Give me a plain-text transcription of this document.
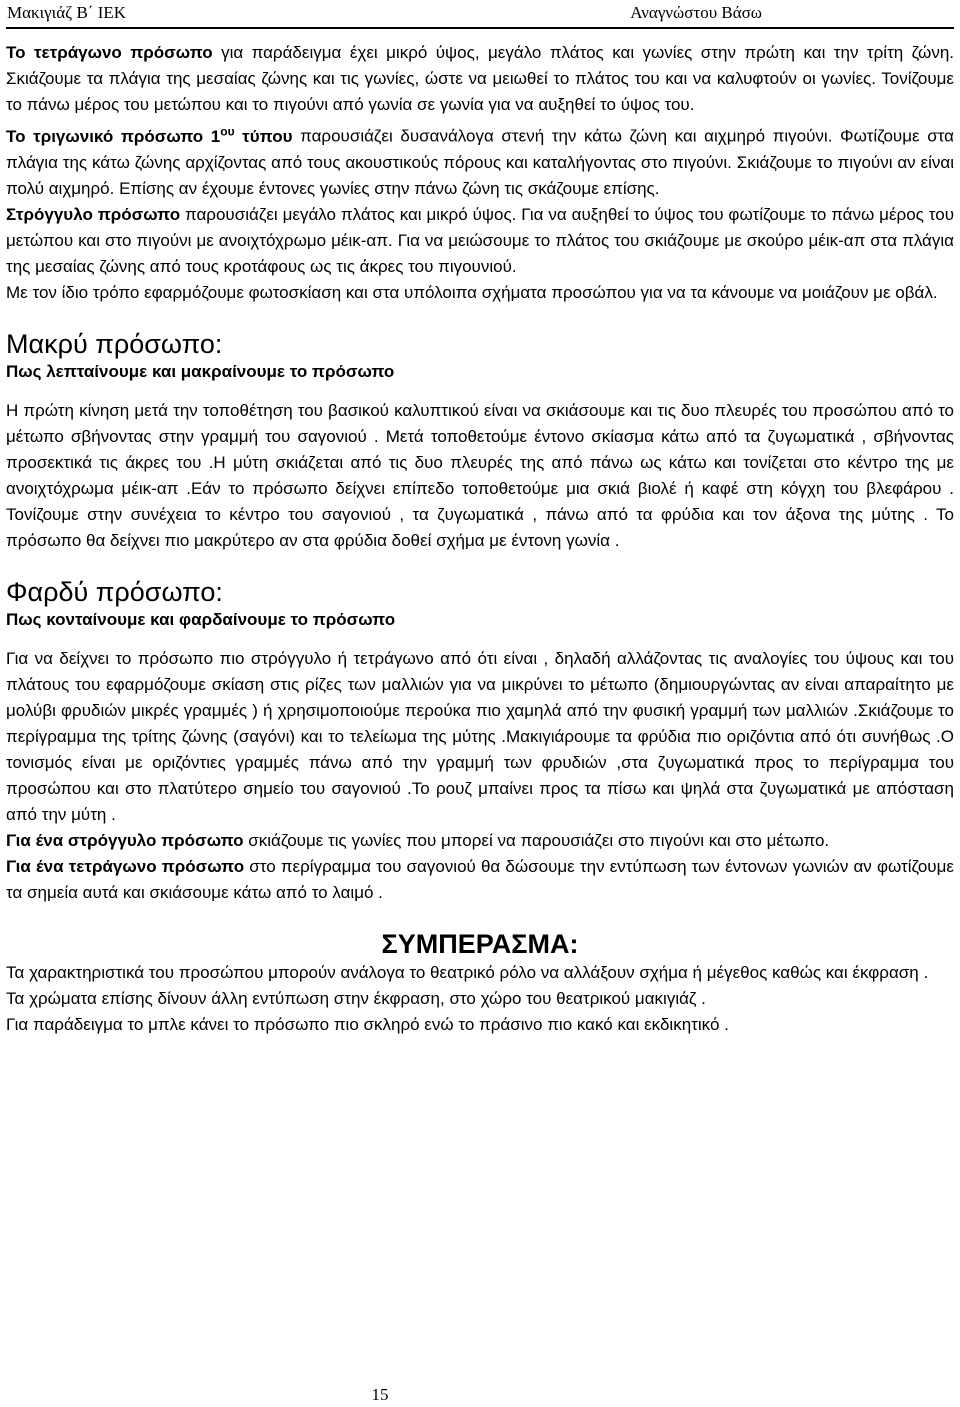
Μακιγιάζ Β΄ ΙΕΚ	Αναγνώστου Βάσω

Το τετράγωνο πρόσωπο για παράδειγμα έχει μικρό ύψος, μεγάλο πλάτος και γωνίες στην πρώτη και την τρίτη ζώνη. Σκιάζουμε τα πλάγια της μεσαίας ζώνης και τις γωνίες, ώστε να μειωθεί το πλάτος του και να καλυφτούν οι γωνίες. Τονίζουμε το πάνω μέρος του μετώπου και το πιγούνι από γωνία σε γωνία για να αυξηθεί το ύψος του.

Το τριγωνικό πρόσωπο $1^{o\upsilon}$ τύπου παρουσιάζει δυσανάλογα στενή την κάτω ζώνη και αιχμηρό πιγούνι. Φωτίζουμε στα πλάγια της κάτω ζώνης αρχίζοντας από τους ακουστικούς πόρους και καταλήγοντας στο πιγούνι. Σκιάζουμε το πιγούνι αν είναι πολύ αιχμηρό. Επίσης αν έχουμε έντονες γωνίες στην πάνω ζώνη τις σκάζουμε επίσης.

Στρόγγυλο πρόσωπο παρουσιάζει μεγάλο πλάτος και μικρό ύψος. Για να αυξηθεί το ύψος του φωτίζουμε το πάνω μέρος του μετώπου και στο πιγούνι με ανοιχτόχρωμο μέικ-απ. Για να μειώσουμε το πλάτος του σκιάζουμε με σκούρο μέικ-απ στα πλάγια της μεσαίας ζώνης από τους κροτάφους ως τις άκρες του πιγουνιού.

Με τον ίδιο τρόπο εφαρμόζουμε φωτοσκίαση και στα υπόλοιπα σχήματα προσώπου για να τα κάνουμε να μοιάζουν με οβάλ.

Μακρύ πρόσωπο:

Πως λεπταίνουμε και μακραίνουμε το πρόσωπο

Η πρώτη κίνηση μετά την τοποθέτηση του βασικού καλυπτικού είναι να σκιάσουμε και τις δυο πλευρές του προσώπου από το μέτωπο σβήνοντας στην γραμμή του σαγονιού . Μετά τοποθετούμε έντονο σκίασμα κάτω από τα ζυγωματικά , σβήνοντας προσεκτικά τις άκρες του .Η μύτη σκιάζεται από τις δυο πλευρές της από πάνω ως κάτω και τονίζεται στο κέντρο της με ανοιχτόχρωμα μέικ-απ .Εάν το πρόσωπο δείχνει επίπεδο τοποθετούμε μια σκιά βιολέ ή καφέ στη κόγχη του βλεφάρου . Τονίζουμε στην συνέχεια το κέντρο του σαγονιού , τα ζυγωματικά , πάνω από τα φρύδια και τον άξονα της μύτης . Το πρόσωπο θα δείχνει πιο μακρύτερο αν στα φρύδια δοθεί σχήμα με έντονη γωνία .

Φαρδύ πρόσωπο:

Πως κονταίνουμε και φαρδαίνουμε το πρόσωπο

Για να δείχνει το πρόσωπο πιο στρόγγυλο ή τετράγωνο από ότι είναι , δηλαδή αλλάζοντας τις αναλογίες του ύψους και του πλάτους του εφαρμόζουμε σκίαση στις ρίζες των μαλλιών για να μικρύνει το μέτωπο (δημιουργώντας αν είναι απαραίτητο με μολύβι φρυδιών μικρές γραμμές ) ή χρησιμοποιούμε περούκα πιο χαμηλά από την φυσική γραμμή των μαλλιών .Σκιάζουμε το περίγραμμα της τρίτης ζώνης (σαγόνι) και το τελείωμα της μύτης .Μακιγιάρουμε τα φρύδια πιο οριζόντια από ότι συνήθως .Ο τονισμός είναι με οριζόντιες γραμμές πάνω από την γραμμή των φρυδιών ,στα ζυγωματικά προς το περίγραμμα του προσώπου και στο πλατύτερο σημείο του σαγονιού .Το ρουζ μπαίνει προς τα πίσω και ψηλά στα ζυγωματικά με απόσταση από την μύτη .

Για ένα στρόγγυλο πρόσωπο σκιάζουμε τις γωνίες που μπορεί να παρουσιάζει στο πιγούνι και στο μέτωπο.

Για ένα τετράγωνο πρόσωπο στο περίγραμμα του σαγονιού θα δώσουμε την εντύπωση των έντονων γωνιών αν φωτίζουμε τα σημεία αυτά και σκιάσουμε κάτω από το λαιμό .

ΣΥΜΠΕΡΑΣΜΑ:

Τα χαρακτηριστικά του προσώπου μπορούν ανάλογα το θεατρικό ρόλο να αλλάξουν σχήμα ή μέγεθος καθώς και έκφραση .

Τα χρώματα επίσης δίνουν άλλη εντύπωση στην έκφραση, στο χώρο του θεατρικού μακιγιάζ .

Για παράδειγμα το μπλε κάνει το πρόσωπο πιο σκληρό ενώ το πράσινο πιο κακό και εκδικητικό .

15
